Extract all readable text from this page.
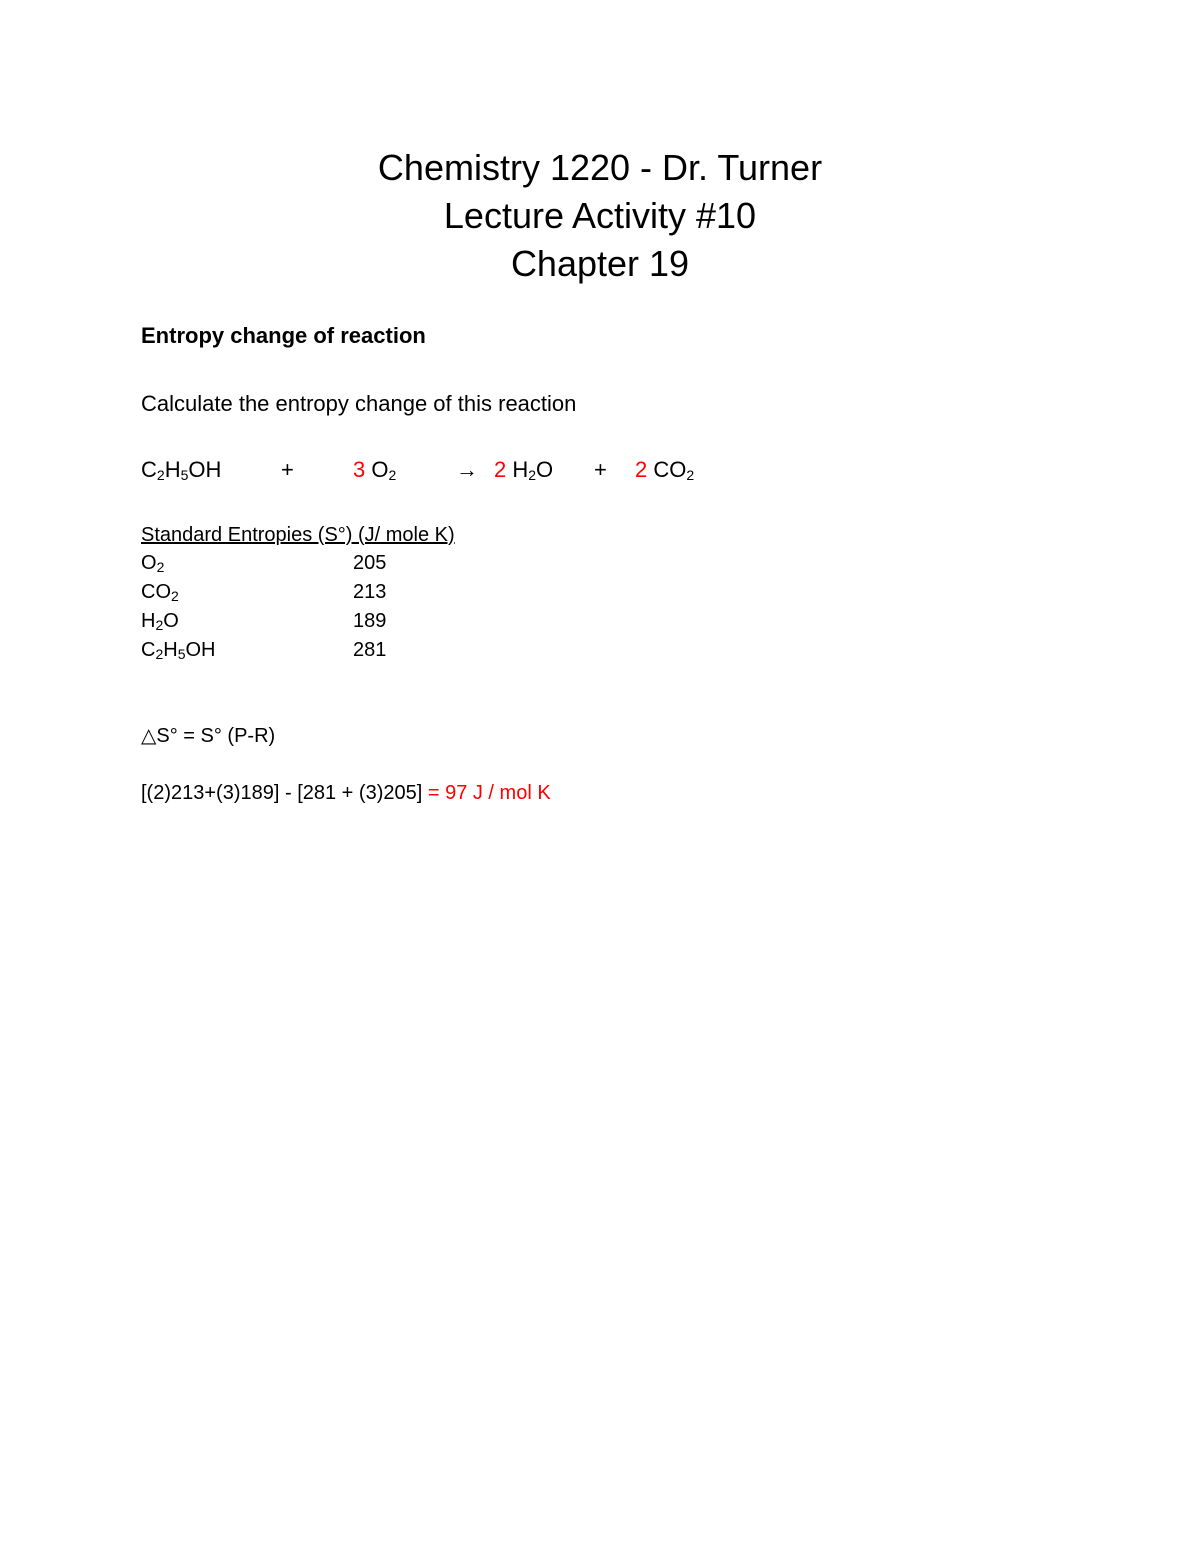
Chemistry 1220 - Dr. Turner
Lecture Activity #10
Chapter 19
Entropy change of reaction
Calculate the entropy change of this reaction
$C_2H_5OH$	+	3 $O_2$	→ 2 $H_2O + 2$ $CO_2$
Standard Entropies (S°) (J/ mole K)
$O_2$	205
$CO_2$	213
$H_2O$	189
$C_2H_5OH$	281
△S° = S° (P-R)
[(2)213+(3)189] - [281 + (3)205] = 97 J / mol K
